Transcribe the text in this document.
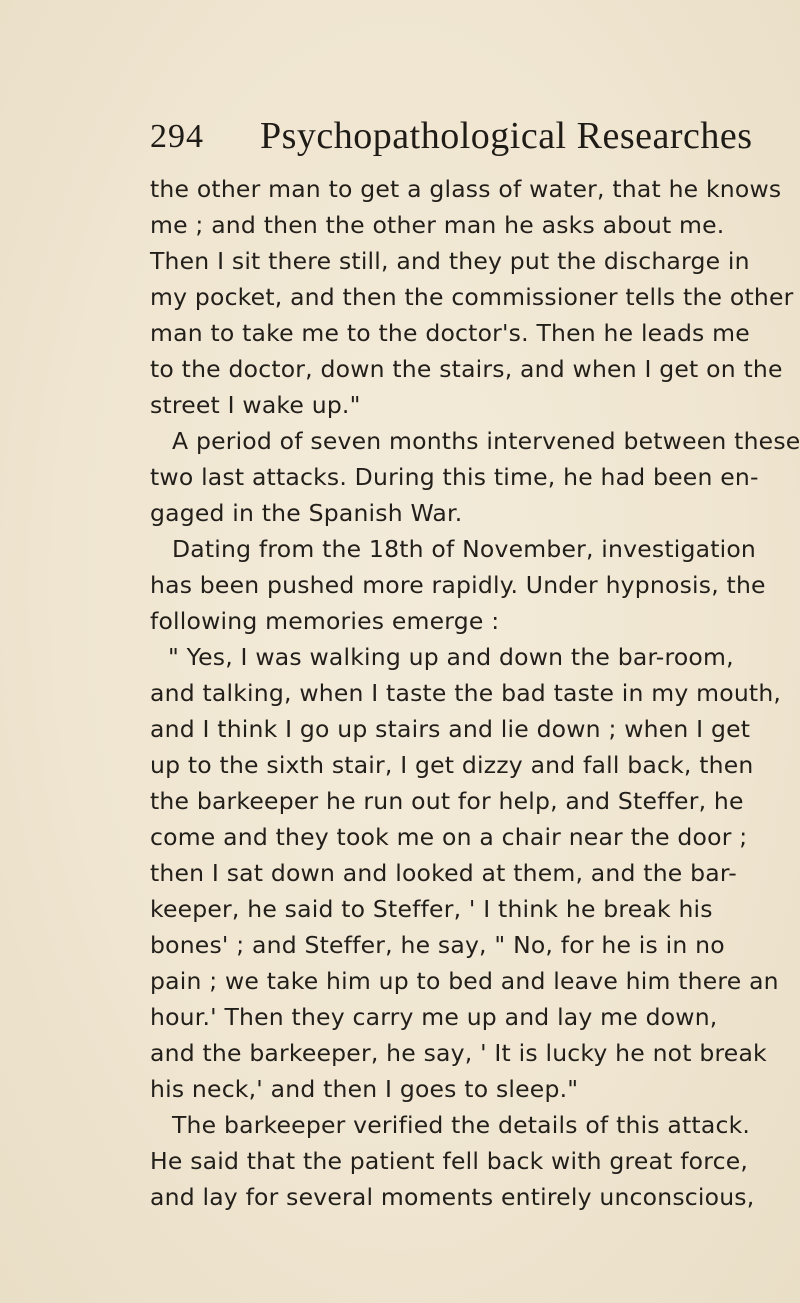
294 Psychopathological Researches
the other man to get a glass of water, that he knows
me ; and then the other man he asks about me.
Then I sit there still, and they put the discharge in
my pocket, and then the commissioner tells the other
man to take me to the doctor's. Then he leads me
to the doctor, down the stairs, and when I get on the
street I wake up."
A period of seven months intervened between these
two last attacks. During this time, he had been en-
gaged in the Spanish War.
Dating from the 18th of November, investigation
has been pushed more rapidly. Under hypnosis, the
following memories emerge :
" Yes, I was walking up and down the bar-room,
and talking, when I taste the bad taste in my mouth,
and I think I go up stairs and lie down ; when I get
up to the sixth stair, I get dizzy and fall back, then
the barkeeper he run out for help, and Steffer, he
come and they took me on a chair near the door ;
then I sat down and looked at them, and the bar-
keeper, he said to Steffer, ' I think he break his
bones' ; and Steffer, he say, " No, for he is in no
pain ; we take him up to bed and leave him there an
hour.' Then they carry me up and lay me down,
and the barkeeper, he say, ' It is lucky he not break
his neck,' and then I goes to sleep."
The barkeeper verified the details of this attack.
He said that the patient fell back with great force,
and lay for several moments entirely unconscious,
